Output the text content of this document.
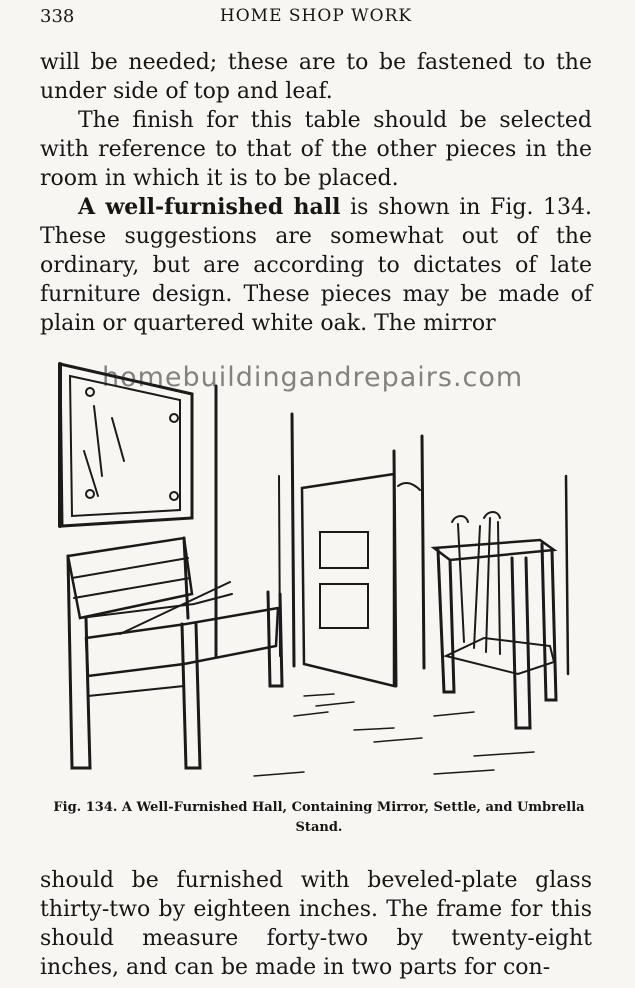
338	HOME SHOP WORK

will be needed; these are to be fastened to the under side of top and leaf.

The finish for this table should be selected with reference to that of the other pieces in the room in which it is to be placed.

A well-furnished hall is shown in Fig. 134. These suggestions are somewhat out of the ordinary, but are according to dictates of late furniture design. These pieces may be made of plain or quartered white oak. The mirror

homebuildingandrepairs.com
Fig. 134. A Well-Furnished Hall, Containing Mirror, Settle, and Umbrella Stand.

should be furnished with beveled-plate glass thirty-two by eighteen inches. The frame for this should measure forty-two by twenty-eight inches, and can be made in two parts for con-
